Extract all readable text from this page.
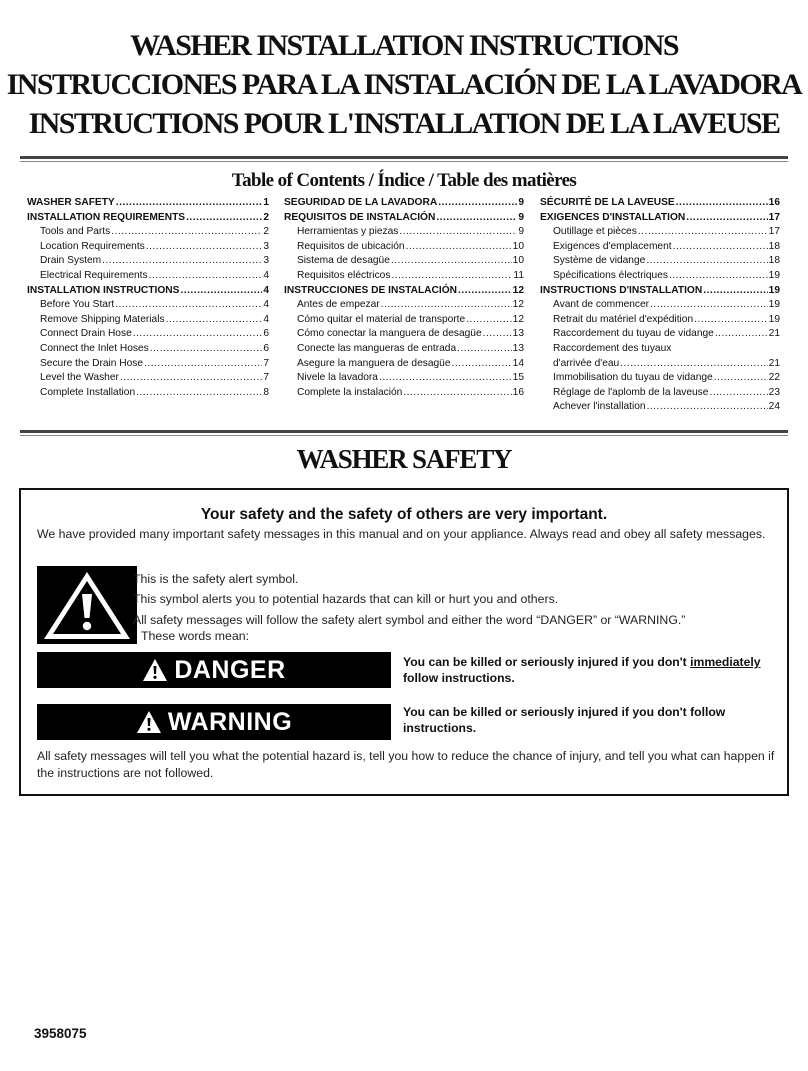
WASHER INSTALLATION INSTRUCTIONS
INSTRUCCIONES PARA LA INSTALACIÓN DE LA LAVADORA
INSTRUCTIONS POUR L'INSTALLATION DE LA LAVEUSE
Table of Contents / Índice / Table des matières
WASHER SAFETY .....	1
INSTALLATION REQUIREMENTS .....	2
Tools and Parts .....	2
Location Requirements .....	3
Drain System .....	3
Electrical Requirements .....	4
INSTALLATION INSTRUCTIONS .....	4
Before You Start .....	4
Remove Shipping Materials .....	4
Connect Drain Hose .....	6
Connect the Inlet Hoses .....	6
Secure the Drain Hose .....	7
Level the Washer .....	7
Complete Installation .....	8
SEGURIDAD DE LA LAVADORA .....	9
REQUISITOS DE INSTALACIÓN .....	9
Herramientas y piezas .....	9
Requisitos de ubicación .....	10
Sistema de desagüe .....	10
Requisitos eléctricos .....	11
INSTRUCCIONES DE INSTALACIÓN .....	12
Antes de empezar .....	12
Cómo quitar el material de transporte .....	12
Cómo conectar la manguera de desagüe .....	13
Conecte las mangueras de entrada .....	13
Asegure la manguera de desagüe .....	14
Nivele la lavadora .....	15
Complete la instalación .....	16
SÉCURITÉ DE LA LAVEUSE .....	16
EXIGENCES D'INSTALLATION .....	17
Outillage et pièces .....	17
Exigences d'emplacement .....	18
Système de vidange .....	18
Spécifications électriques .....	19
INSTRUCTIONS D'INSTALLATION .....	19
Avant de commencer .....	19
Retrait du matériel d'expédition .....	19
Raccordement du tuyau de vidange .....	21
Raccordement des tuyaux
d'arrivée d'eau .....	21
Immobilisation du tuyau de vidange .....	22
Réglage de l'aplomb de la laveuse .....	23
Achever l'installation .....	24
WASHER SAFETY
Your safety and the safety of others are very important.
We have provided many important safety messages in this manual and on your appliance. Always read and obey all safety messages.
This is the safety alert symbol.
This symbol alerts you to potential hazards that can kill or hurt you and others.
All safety messages will follow the safety alert symbol and either the word “DANGER” or “WARNING.”
These words mean:
DANGER	You can be killed or seriously injured if you don't immediately follow instructions.
WARNING	You can be killed or seriously injured if you don't follow instructions.
All safety messages will tell you what the potential hazard is, tell you how to reduce the chance of injury, and tell you what can happen if the instructions are not followed.
3958075
